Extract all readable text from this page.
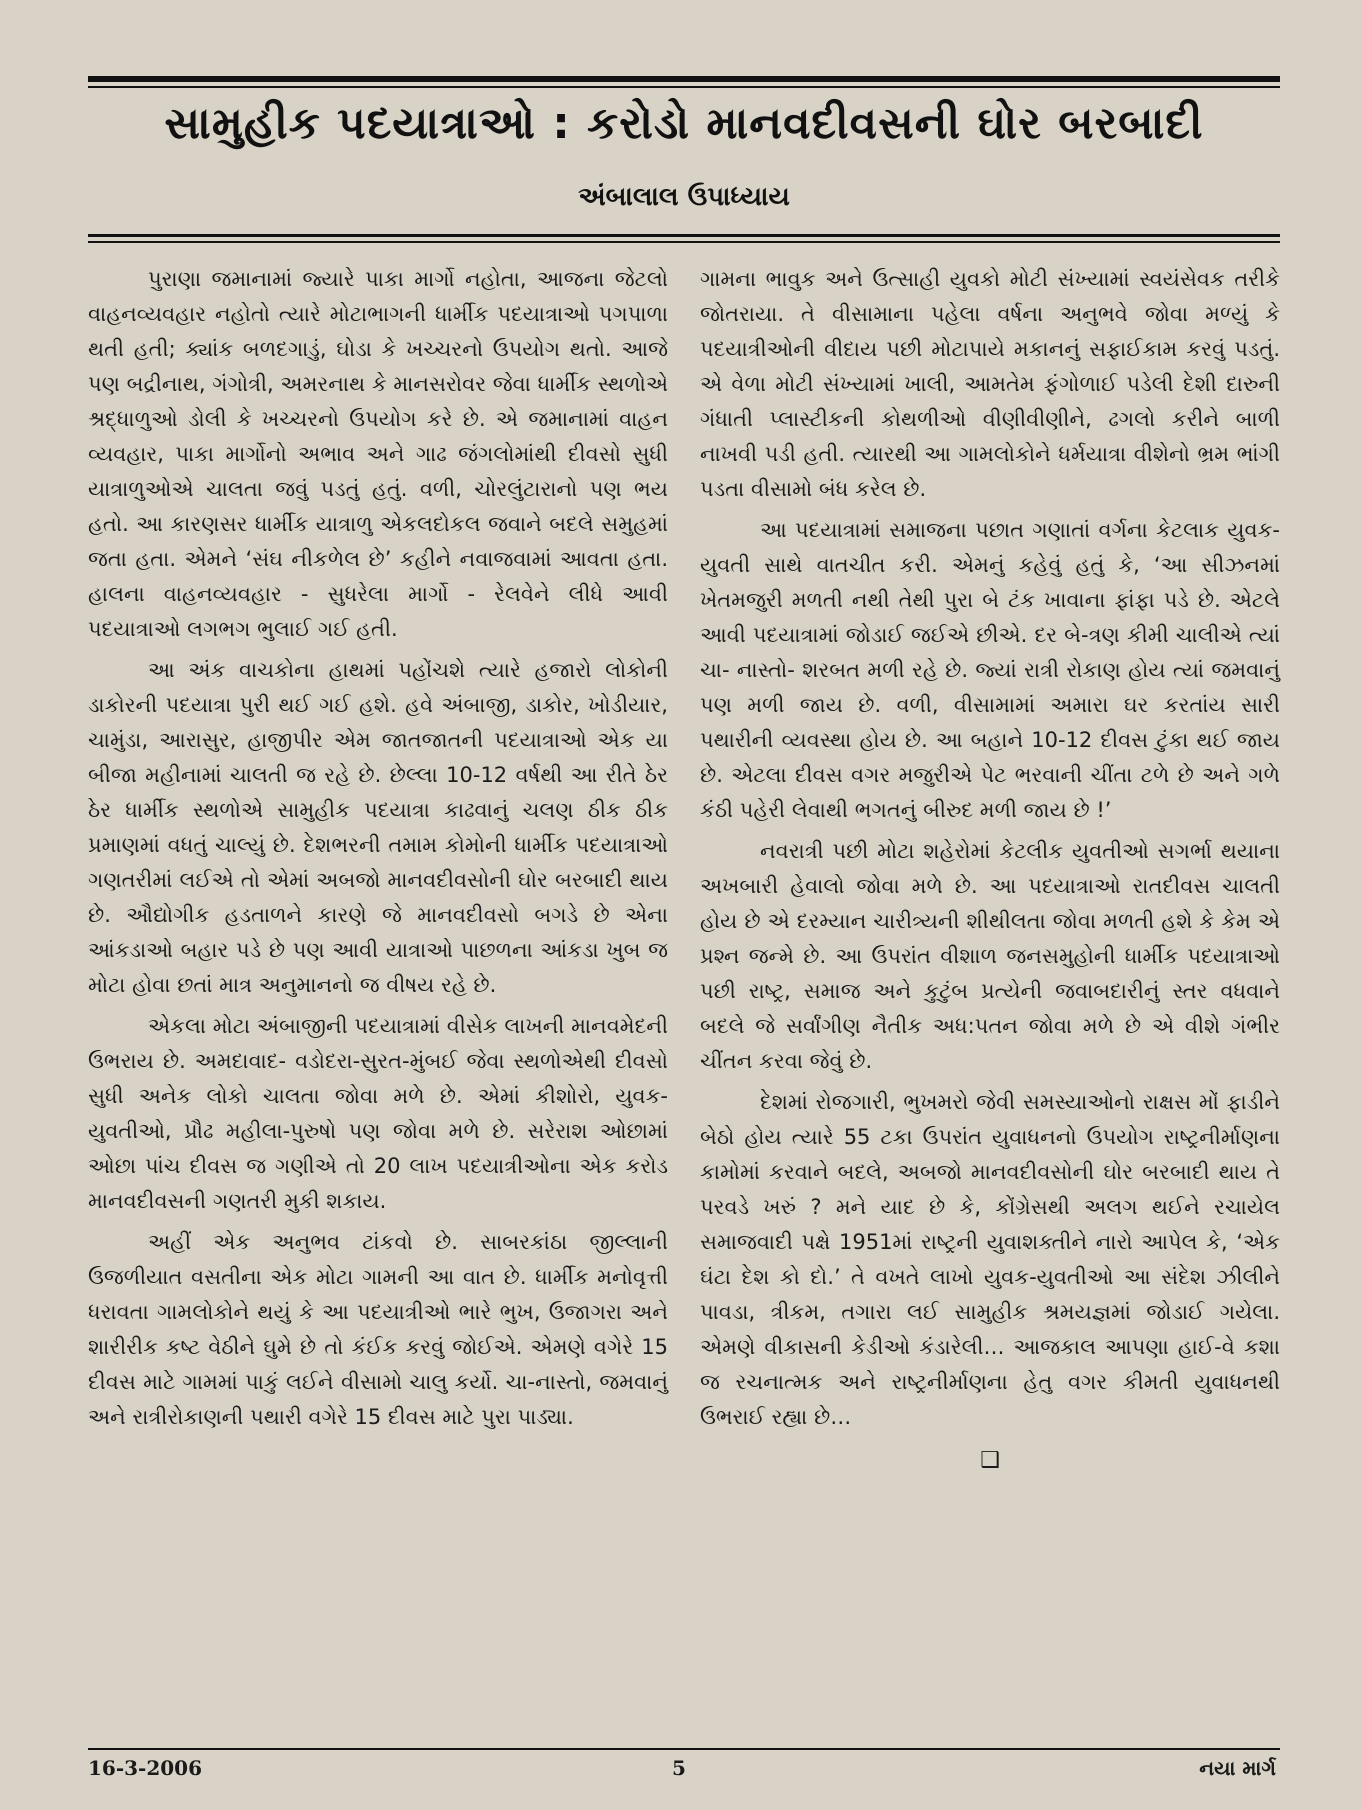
સામુહીક પદયાત્રાઓ : કરોડો માનવદીવસની ઘોર બરબાદી
અંબાલાલ ઉપાધ્યાય

પુરાણા જમાનામાં જ્યારે પાકા માર્ગો નહોતા, આજના જેટલો વાહનવ્યવહાર નહોતો ત્યારે મોટાભાગની ધાર્મીક પદયાત્રાઓ પગપાળા થતી હતી; ક્યાંક બળદગાડું, ઘોડા કે ખચ્ચરનો ઉપયોગ થતો. આજે પણ બદ્રીનાથ, ગંગોત્રી, અમરનાથ કે માનસરોવર જેવા ધાર્મીક સ્થળોએ શ્રદ્ધાળુઓ ડોલી કે ખચ્ચરનો ઉપયોગ કરે છે. એ જમાનામાં વાહન વ્યવહાર, પાકા માર્ગોનો અભાવ અને ગાઢ જંગલોમાંથી દીવસો સુધી યાત્રાળુઓએ ચાલતા જવું પડતું હતું. વળી, ચોરલુંટારાનો પણ ભય હતો. આ કારણસર ધાર્મીક યાત્રાળુ એકલદોકલ જવાને બદલે સમુહમાં જતા હતા. એમને ‘સંઘ નીકળેલ છે’ કહીને નવાજવામાં આવતા હતા. હાલના વાહનવ્યવહાર - સુધરેલા માર્ગો - રેલવેને લીધે આવી પદયાત્રાઓ લગભગ ભુલાઈ ગઈ હતી.

આ અંક વાચકોના હાથમાં પહોંચશે ત્યારે હજારો લોકોની ડાકોરની પદયાત્રા પુરી થઈ ગઈ હશે. હવે અંબાજી, ડાકોર, ખોડીયાર, ચામુંડા, આરાસુર, હાજીપીર એમ જાતજાતની પદયાત્રાઓ એક યા બીજા મહીનામાં ચાલતી જ રહે છે. છેલ્લા 10-12 વર્ષથી આ રીતે ઠેર ઠેર ધાર્મીક સ્થળોએ સામુહીક પદયાત્રા કાઢવાનું ચલણ ઠીક ઠીક પ્રમાણમાં વધતું ચાલ્યું છે. દેશભરની તમામ કોમોની ધાર્મીક પદયાત્રાઓ ગણતરીમાં લઈએ તો એમાં અબજો માનવદીવસોની ઘોર બરબાદી થાય છે. ઔદ્યોગીક હડતાળને કારણે જે માનવદીવસો બગડે છે એના આંકડાઓ બહાર પડે છે પણ આવી યાત્રાઓ પાછળના આંકડા ખુબ જ મોટા હોવા છતાં માત્ર અનુમાનનો જ વીષય રહે છે.

એકલા મોટા અંબાજીની પદયાત્રામાં વીસેક લાખની માનવમેદની ઉભરાય છે. અમદાવાદ- વડોદરા-સુરત-મુંબઈ જેવા સ્થળોએથી દીવસો સુધી અનેક લોકો ચાલતા જોવા મળે છે. એમાં કીશોરો, યુવક-યુવતીઓ, પ્રૌઢ મહીલા-પુરુષો પણ જોવા મળે છે. સરેરાશ ઓછામાં ઓછા પાંચ દીવસ જ ગણીએ તો 20 લાખ પદયાત્રીઓના એક કરોડ માનવદીવસની ગણતરી મુકી શકાય.

અહીં એક અનુભવ ટાંકવો છે. સાબરકાંઠા જીલ્લાની ઉજળીયાત વસતીના એક મોટા ગામની આ વાત છે. ધાર્મીક મનોવૃત્તી ધરાવતા ગામલોકોને થયું કે આ પદયાત્રીઓ ભારે ભુખ, ઉજાગરા અને શારીરીક કષ્ટ વેઠીને ઘુમે છે તો કંઈક કરવું જોઈએ. એમણે વગેરે 15 દીવસ માટે ગામમાં પાકું લઈને વીસામો ચાલુ કર્યો. ચા-નાસ્તો, જમવાનું અને રાત્રીરોકાણની પથારી વગેરે 15 દીવસ માટે પુરા પાડ્યા.

ગામના ભાવુક અને ઉત્સાહી યુવકો મોટી સંખ્યામાં સ્વયંસેવક તરીકે જોતરાયા. તે વીસામાના પહેલા વર્ષના અનુભવે જોવા મળ્યું કે પદયાત્રીઓની વીદાય પછી મોટાપાયે મકાનનું સફાઈકામ કરવું પડતું. એ વેળા મોટી સંખ્યામાં ખાલી, આમતેમ ફંગોળાઈ પડેલી દેશી દારુની ગંધાતી પ્લાસ્ટીકની કોથળીઓ વીણીવીણીને, ઢગલો કરીને બાળી નાખવી પડી હતી. ત્યારથી આ ગામલોકોને ધર્મયાત્રા વીશેનો ભ્રમ ભાંગી પડતા વીસામો બંધ કરેલ છે.

આ પદયાત્રામાં સમાજના પછાત ગણાતાં વર્ગના કેટલાક યુવક-યુવતી સાથે વાતચીત કરી. એમનું કહેવું હતું કે, ‘આ સીઝનમાં ખેતમજુરી મળતી નથી તેથી પુરા બે ટંક ખાવાના ફાંફા પડે છે. એટલે આવી પદયાત્રામાં જોડાઈ જઈએ છીએ. દર બે-ત્રણ કીમી ચાલીએ ત્યાં ચા- નાસ્તો- શરબત મળી રહે છે. જ્યાં રાત્રી રોકાણ હોય ત્યાં જમવાનું પણ મળી જાય છે. વળી, વીસામામાં અમારા ઘર કરતાંય સારી પથારીની વ્યવસ્થા હોય છે. આ બહાને 10-12 દીવસ ટુંકા થઈ જાય છે. એટલા દીવસ વગર મજુરીએ પેટ ભરવાની ચીંતા ટળે છે અને ગળે કંઠી પહેરી લેવાથી ભગતનું બીરુદ મળી જાય છે !’

નવરાત્રી પછી મોટા શહેરોમાં કેટલીક યુવતીઓ સગર્ભા થયાના અખબારી હેવાલો જોવા મળે છે. આ પદયાત્રાઓ રાતદીવસ ચાલતી હોય છે એ દરમ્યાન ચારીત્ર્યની શીથીલતા જોવા મળતી હશે કે કેમ એ પ્રશ્ન જન્મે છે. આ ઉપરાંત વીશાળ જનસમુહોની ધાર્મીક પદયાત્રાઓ પછી રાષ્ટ્ર, સમાજ અને કુટુંબ પ્રત્યેની જવાબદારીનું સ્તર વધવાને બદલે જે સર્વાંગીણ નૈતીક અધ:પતન જોવા મળે છે એ વીશે ગંભીર ચીંતન કરવા જેવું છે.

દેશમાં રોજગારી, ભુખમરો જેવી સમસ્યાઓનો રાક્ષસ મોં ફાડીને બેઠો હોય ત્યારે 55 ટકા ઉપરાંત યુવાધનનો ઉપયોગ રાષ્ટ્રનીર્માણના કામોમાં કરવાને બદલે, અબજો માનવદીવસોની ઘોર બરબાદી થાય તે પરવડે ખરું ? મને યાદ છે કે, કોંગ્રેસથી અલગ થઈને રચાયેલ સમાજવાદી પક્ષે 1951માં રાષ્ટ્રની યુવાશક્તીને નારો આપેલ કે, ‘એક ઘંટા દેશ કો દો.’ તે વખતે લાખો યુવક-યુવતીઓ આ સંદેશ ઝીલીને પાવડા, ત્રીકમ, તગારા લઈ સામુહીક શ્રમયજ્ઞમાં જોડાઈ ગયેલા. એમણે વીકાસની કેડીઓ કંડારેલી… આજકાલ આપણા હાઈ-વે કશા જ રચનાત્મક અને રાષ્ટ્રનીર્માણના હેતુ વગર કીમતી યુવાધનથી ઉભરાઈ રહ્યા છે…

❑
16-3-2006	5	નયા માર્ગ
